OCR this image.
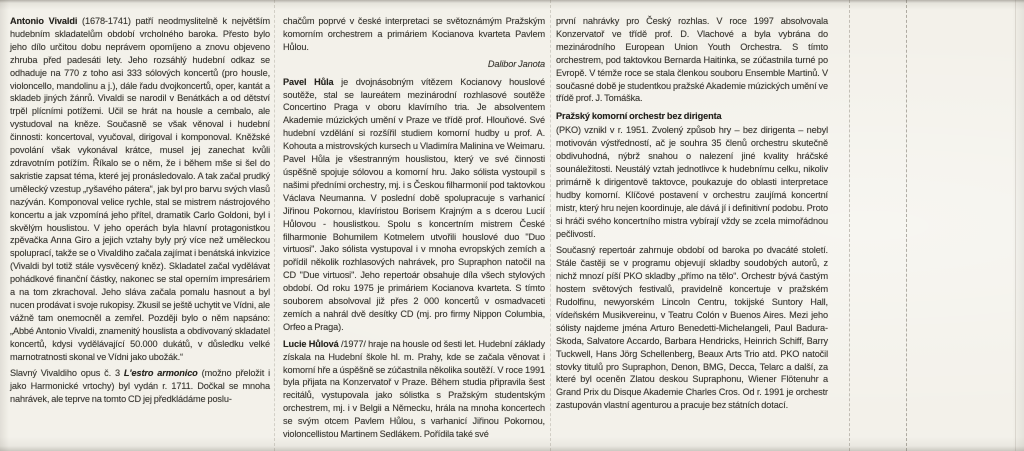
Antonio Vivaldi (1678-1741) patří neodmyslitelně k největším hudebním skladatelům období vrcholného baroka. Přesto bylo jeho dílo určitou dobu neprávem opomíjeno a znovu objeveno zhruba před padesáti lety. Jeho rozsáhlý hudební odkaz se odhaduje na 770 z toho asi 333 sólových koncertů (pro housle, violoncello, mandolinu a j.), dále řadu dvojkoncertů, oper, kantát a skladeb jiných žánrů. Vivaldi se narodil v Benátkách a od dětství trpěl plícními potížemi. Učil se hrát na housle a cembalo, ale vystudoval na kněze. Současně se však věnoval i hudební činnosti: koncertoval, vyučoval, dirigoval i komponoval. Kněžské povolání však vykonával krátce, musel jej zanechat kvůli zdravotním potížím. Říkalo se o něm, že i během mše si šel do sakristie zapsat téma, které jej pronásledovalo. A tak začal prudký umělecký vzestup „ryšavého pátera“, jak byl pro barvu svých vlasů nazýván. Komponoval velice rychle, stal se mistrem nástrojového koncertu a jak vzpomíná jeho přítel, dramatik Carlo Goldoni, byl i skvělým houslistou. V jeho operách byla hlavní protagonistkou zpěvačka Anna Giro a jejich vztahy byly prý více než uměleckou spoluprací, takže se o Vivaldiho začala zajímat i benátská inkvizice (Vivaldi byl totiž stále vysvěcený kněz). Skladatel začal vydělávat pohádkové finanční částky, nakonec se stal operním impresáriem a na tom zkrachoval. Jeho sláva začala pomalu hasnout a byl nucen prodávat i svoje rukopisy. Zkusil se ještě uchytit ve Vídni, ale vážně tam onemocněl a zemřel. Později bylo o něm napsáno: „Abbé Antonio Vivaldi, znamenitý houslista a obdivovaný skladatel koncertů, kdysi vydělávající 50.000 dukátů, v důsledku velké marnotratnosti skonal ve Vídni jako ubožák.“

Slavný Vivaldiho opus č. 3 L'estro armonico (možno přeložit i jako Harmonické vrtochy) byl vydán r. 1711. Dočkal se mnoha nahrávek, ale teprve na tomto CD jej předkládáme poslu-

chačům poprvé v české interpretaci se světoznámým Pražským komorním orchestrem a primáriem Kocianova kvarteta Pavlem Hůlou.

Dalibor Janota

Pavel Hůla je dvojnásobným vítězem Kocianovy houslové soutěže, stal se laureátem mezinárodní rozhlasové soutěže Concertino Praga v oboru klavírního tria. Je absolventem Akademie múzických umění v Praze ve třídě prof. Hlouňové. Své hudební vzdělání si rozšířil studiem komorní hudby u prof. A. Kohouta a mistrovských kursech u Vladimíra Malinina ve Weimaru. Pavel Hůla je všestranným houslistou, který ve své činnosti úspěšně spojuje sólovou a komorní hru. Jako sólista vystoupil s našimi předními orchestry, mj. i s Českou filharmonií pod taktovkou Václava Neumanna. V poslední době spolupracuje s varhanicí Jiřinou Pokornou, klavíristou Borisem Krajným a s dcerou Lucií Hůlovou - houslistkou. Spolu s koncertním mistrem České filharmonie Bohumilem Kotmelem utvořili houslové duo "Duo virtuosi". Jako sólista vystupoval i v mnoha evropských zemích a pořídil několik rozhlasových nahrávek, pro Supraphon natočil na CD "Due virtuosi". Jeho repertoár obsahuje díla všech stylových období. Od roku 1975 je primáriem Kocianova kvarteta. S tímto souborem absolvoval již přes 2 000 koncertů v osmadvaceti zemích a nahrál dvě desítky CD (mj. pro firmy Nippon Columbia, Orfeo a Praga).

Lucie Hůlová /1977/ hraje na housle od šesti let. Hudební základy získala na Hudební škole hl. m. Prahy, kde se začala věnovat i komorní hře a úspěšně se zúčastnila několika soutěží. V roce 1991 byla přijata na Konzervatoř v Praze. Během studia připravila šest recitálů, vystupovala jako sólistka s Pražským studentským orchestrem, mj. i v Belgii a Německu, hrála na mnoha koncertech se svým otcem Pavlem Hůlou, s varhanicí Jiřinou Pokornou, violoncellistou Martinem Sedlákem. Pořídila také své

první nahrávky pro Český rozhlas. V roce 1997 absolvovala Konzervatoř ve třídě prof. D. Vlachové a byla vybrána do mezinárodního European Union Youth Orchestra. S tímto orchestrem, pod taktovkou Bernarda Haitinka, se zúčastnila turné po Evropě. V témže roce se stala členkou souboru Ensemble Martinů. V současné době je studentkou pražské Akademie múzických umění ve třídě prof. J. Tomáška.

Pražský komorní orchestr bez dirigenta

(PKO) vznikl v r. 1951. Zvolený způsob hry – bez dirigenta – nebyl motivován výstředností, ač je souhra 35 členů orchestru skutečně obdivuhodná, nýbrž snahou o nalezení jiné kvality hráčské sounáležitosti. Neustálý vztah jednotlivce k hudebnímu celku, nikoliv primárně k dirigentově taktovce, poukazuje do oblasti interpretace hudby komorní. Klíčové postavení v orchestru zaujímá koncertní mistr, který hru nejen koordinuje, ale dává jí i definitivní podobu. Proto si hráči svého koncertního mistra vybírají vždy se zcela mimořádnou pečlivostí.

Současný repertoár zahrnuje období od baroka po dvacáté století. Stále častěji se v programu objevují skladby soudobých autorů, z nichž mnozí píší PKO skladby „přímo na tělo“. Orchestr bývá častým hostem světových festivalů, pravidelně koncertuje v pražském Rudolfinu, newyorském Lincoln Centru, tokijské Suntory Hall, vídeňském Musikvereinu, v Teatru Colón v Buenos Aires. Mezi jeho sólisty najdeme jména Arturo Benedetti-Michelangeli, Paul Badura-Skoda, Salvatore Accardo, Barbara Hendricks, Heinrich Schiff, Barry Tuckwell, Hans Jörg Schellenberg, Beaux Arts Trio atd. PKO natočil stovky titulů pro Supraphon, Denon, BMG, Decca, Telarc a další, za které byl oceněn Zlatou deskou Supraphonu, Wiener Flötenuhr a Grand Prix du Disque Akademie Charles Cros. Od r. 1991 je orchestr zastupován vlastní agenturou a pracuje bez státních dotací.
